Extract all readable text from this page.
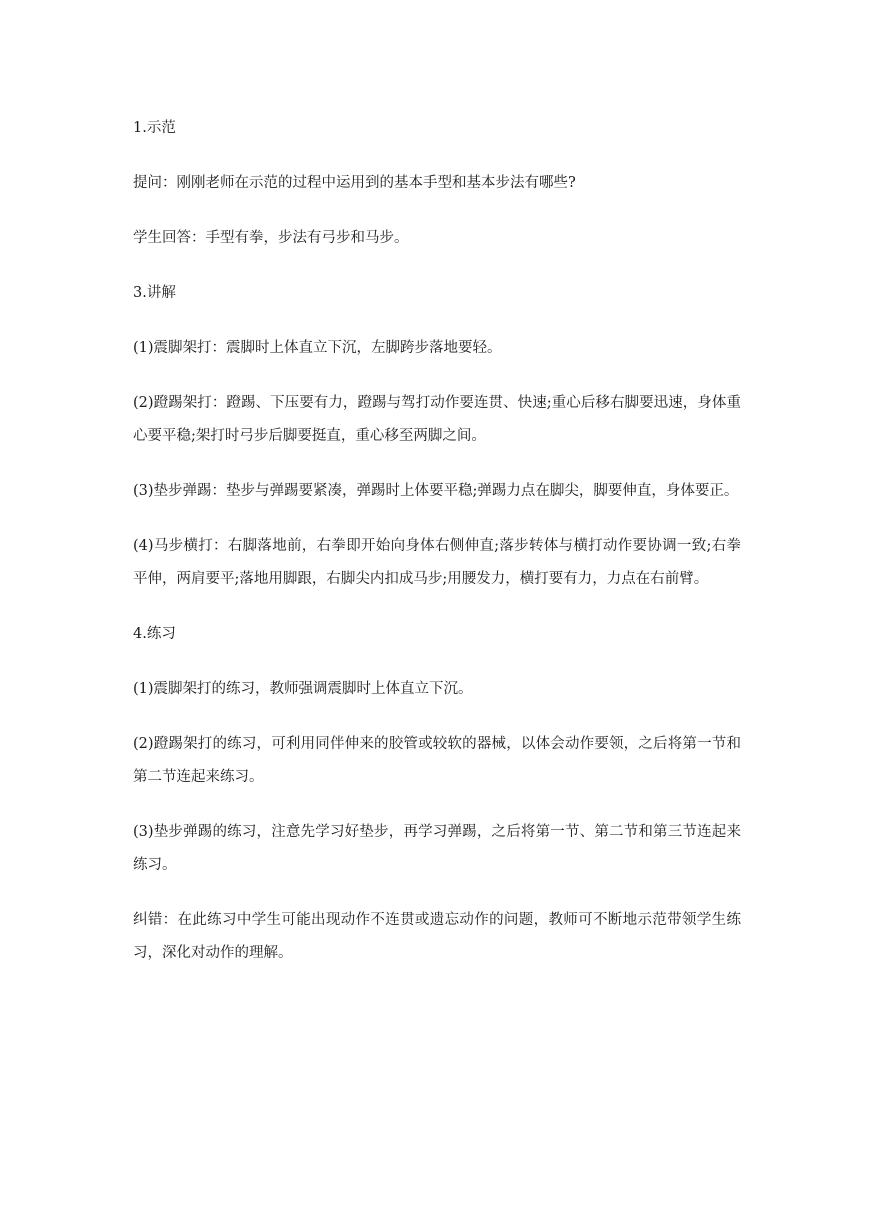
1.示范

提问：刚刚老师在示范的过程中运用到的基本手型和基本步法有哪些?

学生回答：手型有拳，步法有弓步和马步。

3.讲解

(1)震脚架打：震脚时上体直立下沉，左脚跨步落地要轻。

(2)蹬踢架打：蹬踢、下压要有力，蹬踢与驾打动作要连贯、快速;重心后移右脚要迅速，身体重心要平稳;架打时弓步后脚要挺直，重心移至两脚之间。

(3)垫步弹踢：垫步与弹踢要紧凑，弹踢时上体要平稳;弹踢力点在脚尖，脚要伸直，身体要正。

(4)马步横打：右脚落地前，右拳即开始向身体右侧伸直;落步转体与横打动作要协调一致;右拳平伸，两肩要平;落地用脚跟，右脚尖内扣成马步;用腰发力，横打要有力，力点在右前臂。

4.练习

(1)震脚架打的练习，教师强调震脚时上体直立下沉。

(2)蹬踢架打的练习，可利用同伴伸来的胶管或较软的器械，以体会动作要领，之后将第一节和第二节连起来练习。

(3)垫步弹踢的练习，注意先学习好垫步，再学习弹踢，之后将第一节、第二节和第三节连起来练习。

纠错：在此练习中学生可能出现动作不连贯或遗忘动作的问题，教师可不断地示范带领学生练习，深化对动作的理解。
